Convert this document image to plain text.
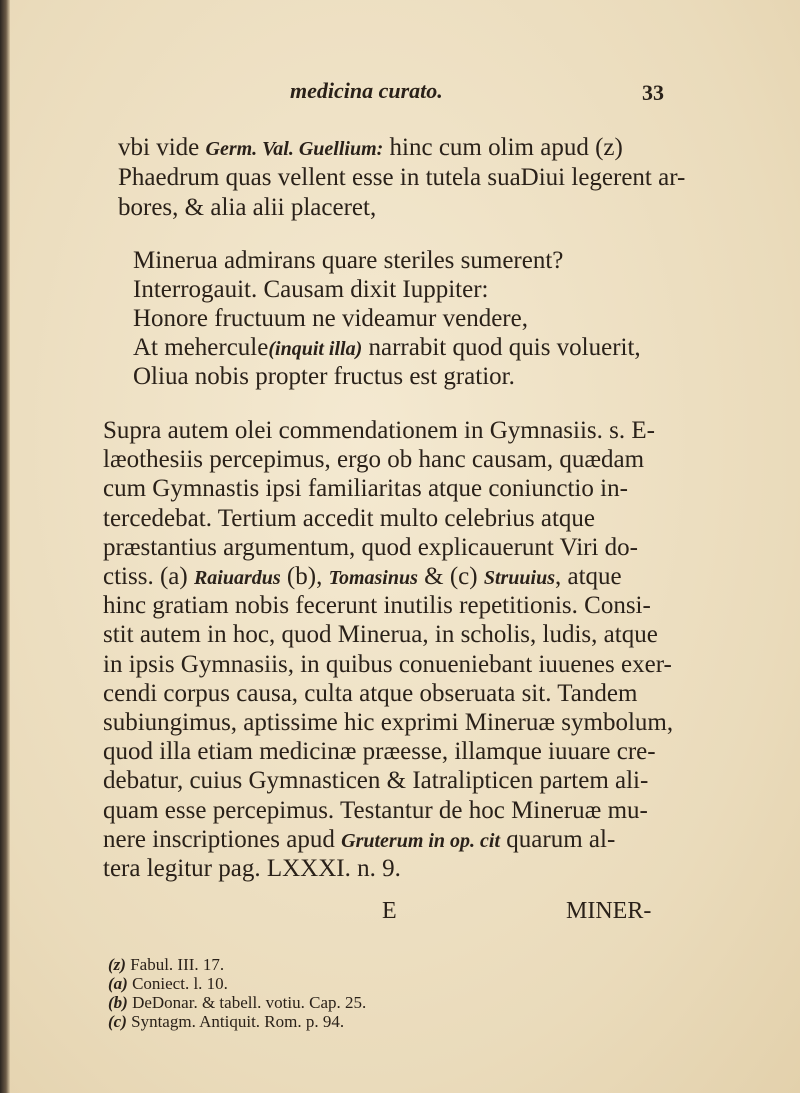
medicina curato.	33
vbi vide Germ. Val. Guellium: hinc cum olim apud (z)
Phaedrum quas vellent esse in tutela suaDiui legerent ar-
bores, & alia alii placeret,
Minerua admirans quare steriles sumerent?
Interrogauit. Causam dixit Iuppiter:
Honore fructuum ne videamur vendere,
At mehercule(inquit illa) narrabit quod quis voluerit,
Oliua nobis propter fructus est gratior.
Supra autem olei commendationem in Gymnasiis. s. E-
læothesiis percepimus, ergo ob hanc causam, quædam
cum Gymnastis ipsi familiaritas atque coniunctio in-
tercedebat. Tertium accedit multo celebrius atque
præstantius argumentum, quod explicauerunt Viri do-
ctiss. (a) Raiuardus (b), Tomasinus & (c) Struuius, atque
hinc gratiam nobis fecerunt inutilis repetitionis. Consi-
stit autem in hoc, quod Minerua, in scholis, ludis, atque
in ipsis Gymnasiis, in quibus conueniebant iuuenes exer-
cendi corpus causa, culta atque obseruata sit. Tandem
subiungimus, aptissime hic exprimi Mineruæ symbolum,
quod illa etiam medicinæ præesse, illamque iuuare cre-
debatur, cuius Gymnasticen & Iatralipticen partem ali-
quam esse percepimus. Testantur de hoc Mineruæ mu-
nere inscriptiones apud Gruterum in op. cit quarum al-
tera legitur pag. LXXXI. n. 9.
E	MINER-
(z) Fabul. III. 17.
(a) Coniect. l. 10.
(b) DeDonar. & tabell. votiu. Cap. 25.
(c) Syntagm. Antiquit. Rom. p. 94.
